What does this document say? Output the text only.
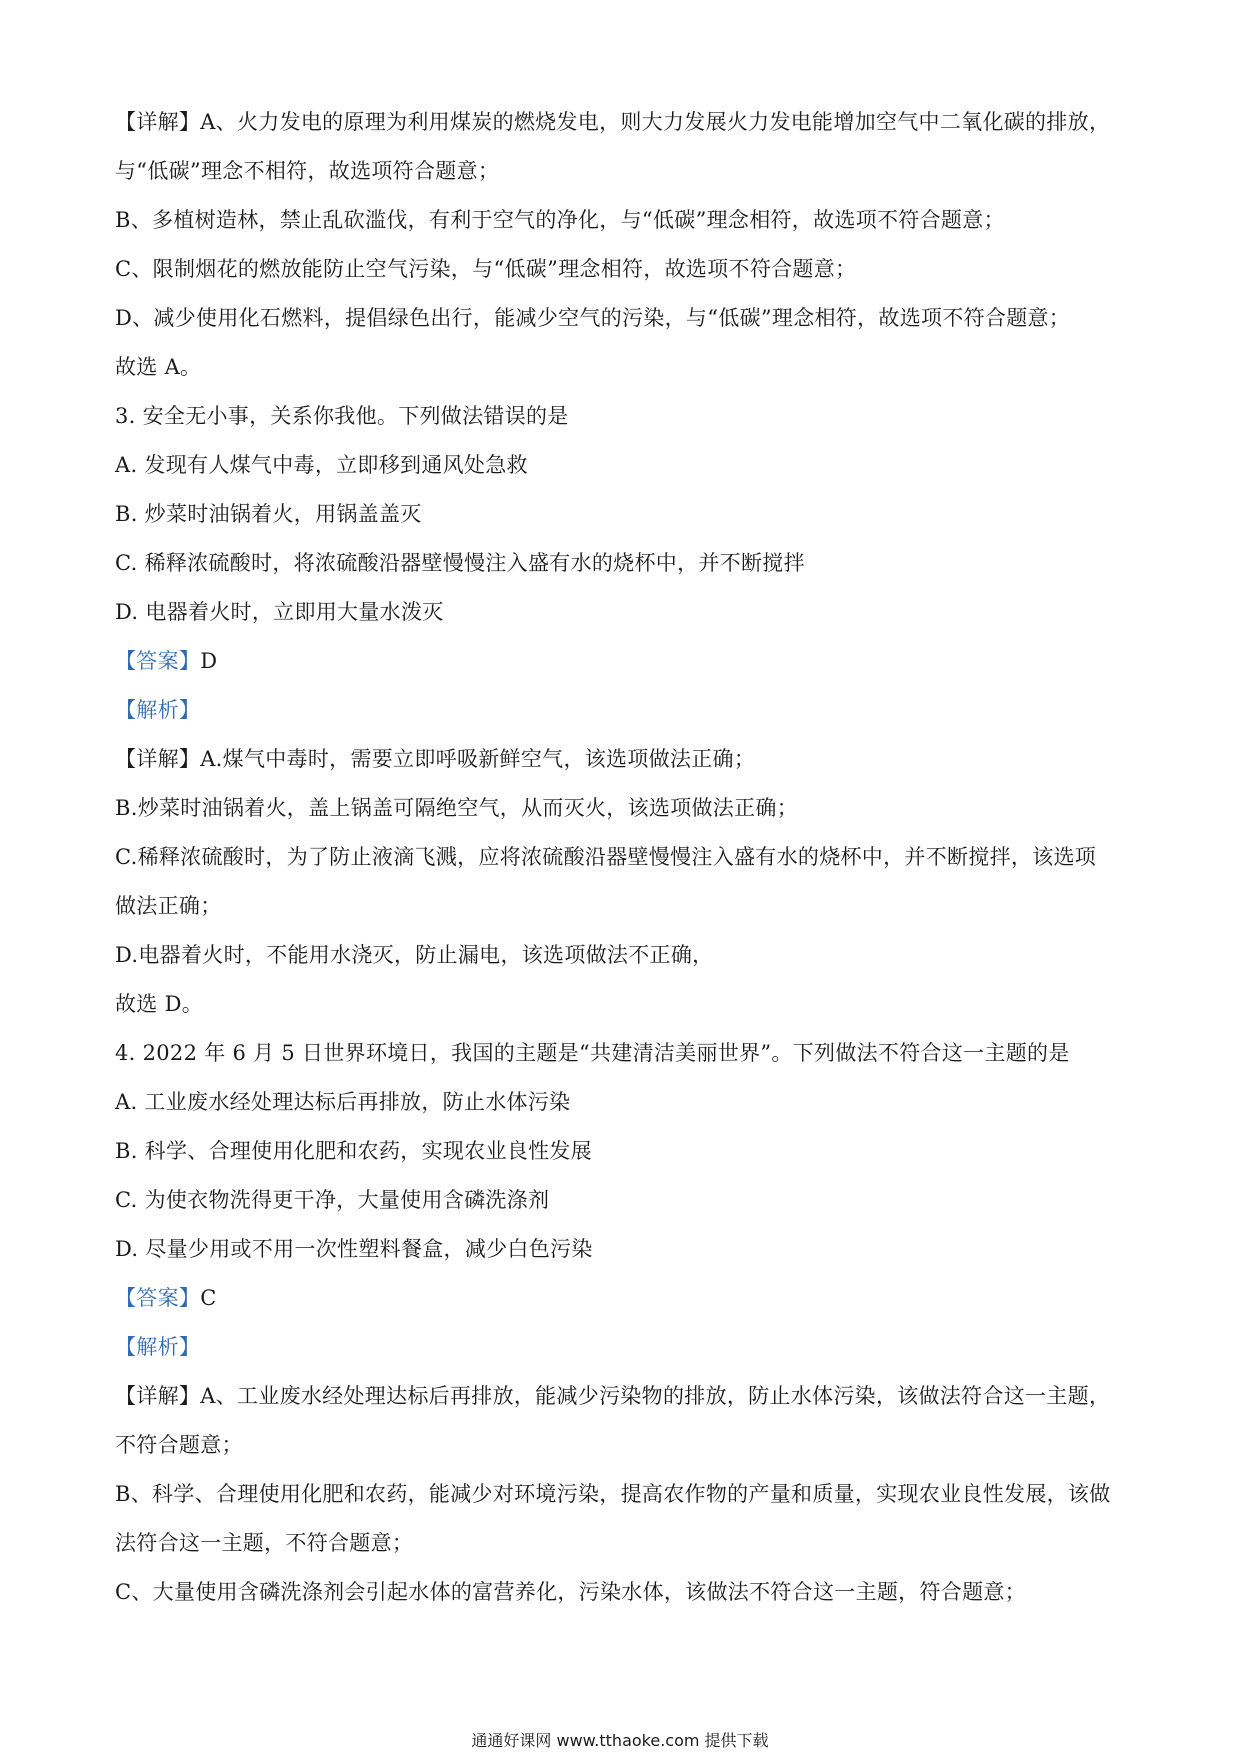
【详解】A、火力发电的原理为利用煤炭的燃烧发电，则大力发展火力发电能增加空气中二氧化碳的排放，
与“低碳”理念不相符，故选项符合题意；
B、多植树造林，禁止乱砍滥伐，有利于空气的净化，与“低碳”理念相符，故选项不符合题意；
C、限制烟花的燃放能防止空气污染，与“低碳”理念相符，故选项不符合题意；
D、减少使用化石燃料，提倡绿色出行，能减少空气的污染，与“低碳”理念相符，故选项不符合题意；
故选 A。
3. 安全无小事，关系你我他。下列做法错误的是
A. 发现有人煤气中毒，立即移到通风处急救
B. 炒菜时油锅着火，用锅盖盖灭
C. 稀释浓硫酸时，将浓硫酸沿器壁慢慢注入盛有水的烧杯中，并不断搅拌
D. 电器着火时，立即用大量水泼灭
【答案】D
【解析】
【详解】A.煤气中毒时，需要立即呼吸新鲜空气，该选项做法正确；
B.炒菜时油锅着火，盖上锅盖可隔绝空气，从而灭火，该选项做法正确；
C.稀释浓硫酸时，为了防止液滴飞溅，应将浓硫酸沿器壁慢慢注入盛有水的烧杯中，并不断搅拌，该选项
做法正确；
D.电器着火时，不能用水浇灭，防止漏电，该选项做法不正确，
故选 D。
4. 2022 年 6 月 5 日世界环境日，我国的主题是“共建清洁美丽世界”。下列做法不符合这一主题的是
A. 工业废水经处理达标后再排放，防止水体污染
B. 科学、合理使用化肥和农药，实现农业良性发展
C. 为使衣物洗得更干净，大量使用含磷洗涤剂
D. 尽量少用或不用一次性塑料餐盒，减少白色污染
【答案】C
【解析】
【详解】A、工业废水经处理达标后再排放，能减少污染物的排放，防止水体污染，该做法符合这一主题，
不符合题意；
B、科学、合理使用化肥和农药，能减少对环境污染，提高农作物的产量和质量，实现农业良性发展，该做
法符合这一主题，不符合题意；
C、大量使用含磷洗涤剂会引起水体的富营养化，污染水体，该做法不符合这一主题，符合题意；
通通好课网 www.tthaoke.com 提供下载
